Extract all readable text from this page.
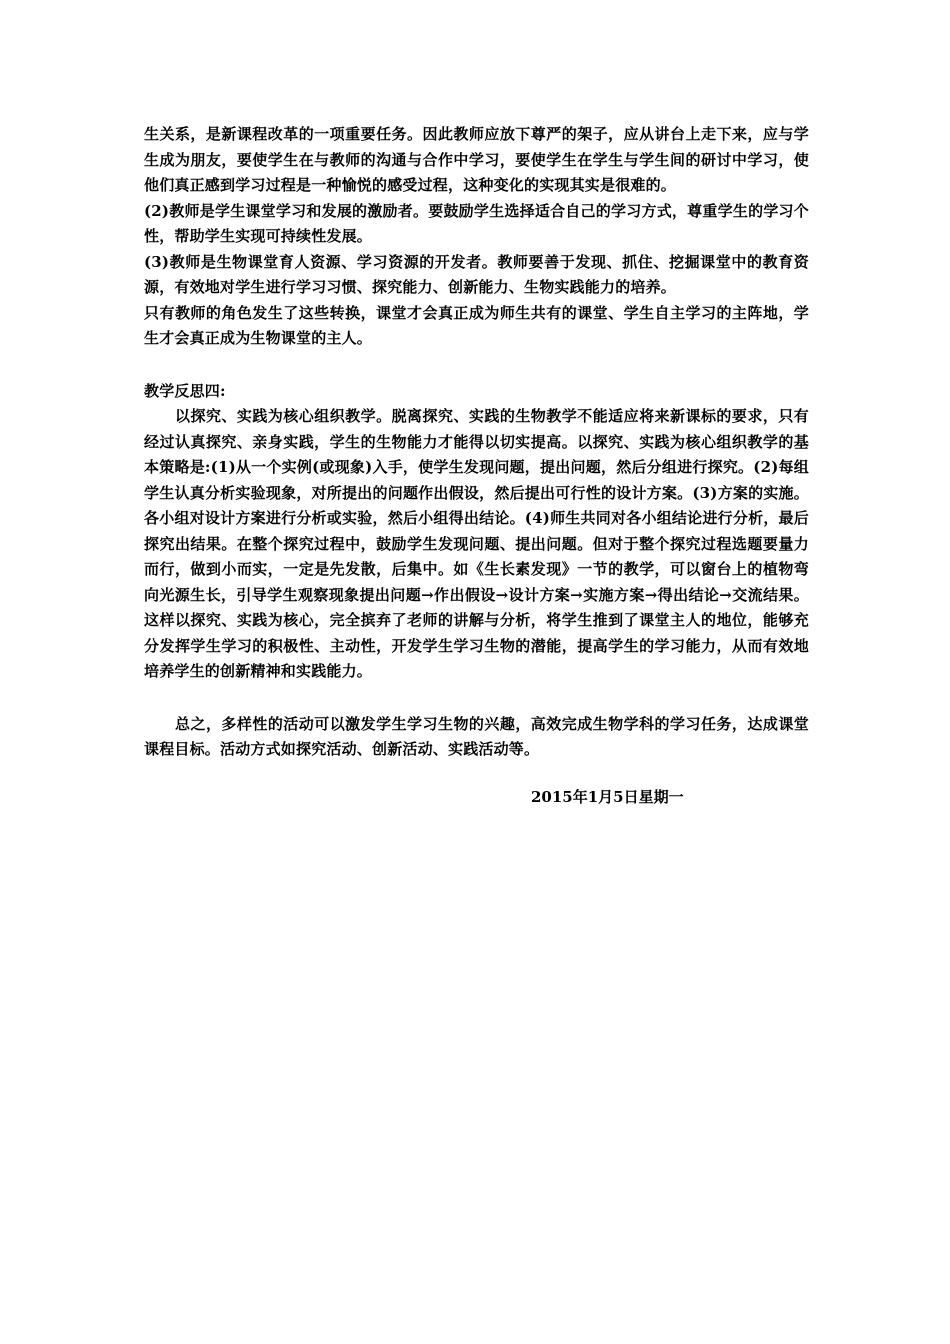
生关系，是新课程改革的一项重要任务。因此教师应放下尊严的架子，应从讲台上走下来，应与学生成为朋友，要使学生在与教师的沟通与合作中学习，要使学生在学生与学生间的研讨中学习，使他们真正感到学习过程是一种愉悦的感受过程，这种变化的实现其实是很难的。

(2)教师是学生课堂学习和发展的激励者。要鼓励学生选择适合自己的学习方式，尊重学生的学习个性，帮助学生实现可持续性发展。

(3)教师是生物课堂育人资源、学习资源的开发者。教师要善于发现、抓住、挖掘课堂中的教育资源，有效地对学生进行学习习惯、探究能力、创新能力、生物实践能力的培养。

只有教师的角色发生了这些转换，课堂才会真正成为师生共有的课堂、学生自主学习的主阵地，学生才会真正成为生物课堂的主人。

教学反思四:

以探究、实践为核心组织教学。脱离探究、实践的生物教学不能适应将来新课标的要求，只有经过认真探究、亲身实践，学生的生物能力才能得以切实提高。以探究、实践为核心组织教学的基本策略是:(1)从一个实例(或现象)入手，使学生发现问题，提出问题，然后分组进行探究。(2)每组学生认真分析实验现象，对所提出的问题作出假设，然后提出可行性的设计方案。(3)方案的实施。各小组对设计方案进行分析或实验，然后小组得出结论。(4)师生共同对各小组结论进行分析，最后探究出结果。在整个探究过程中，鼓励学生发现问题、提出问题。但对于整个探究过程选题要量力而行，做到小而实，一定是先发散，后集中。如《生长素发现》一节的教学，可以窗台上的植物弯向光源生长，引导学生观察现象提出问题→作出假设→设计方案→实施方案→得出结论→交流结果。这样以探究、实践为核心，完全摈弃了老师的讲解与分析，将学生推到了课堂主人的地位，能够充分发挥学生学习的积极性、主动性，开发学生学习生物的潜能，提高学生的学习能力，从而有效地培养学生的创新精神和实践能力。

总之，多样性的活动可以激发学生学习生物的兴趣，高效完成生物学科的学习任务，达成课堂课程目标。活动方式如探究活动、创新活动、实践活动等。

2015年1月5日星期一
